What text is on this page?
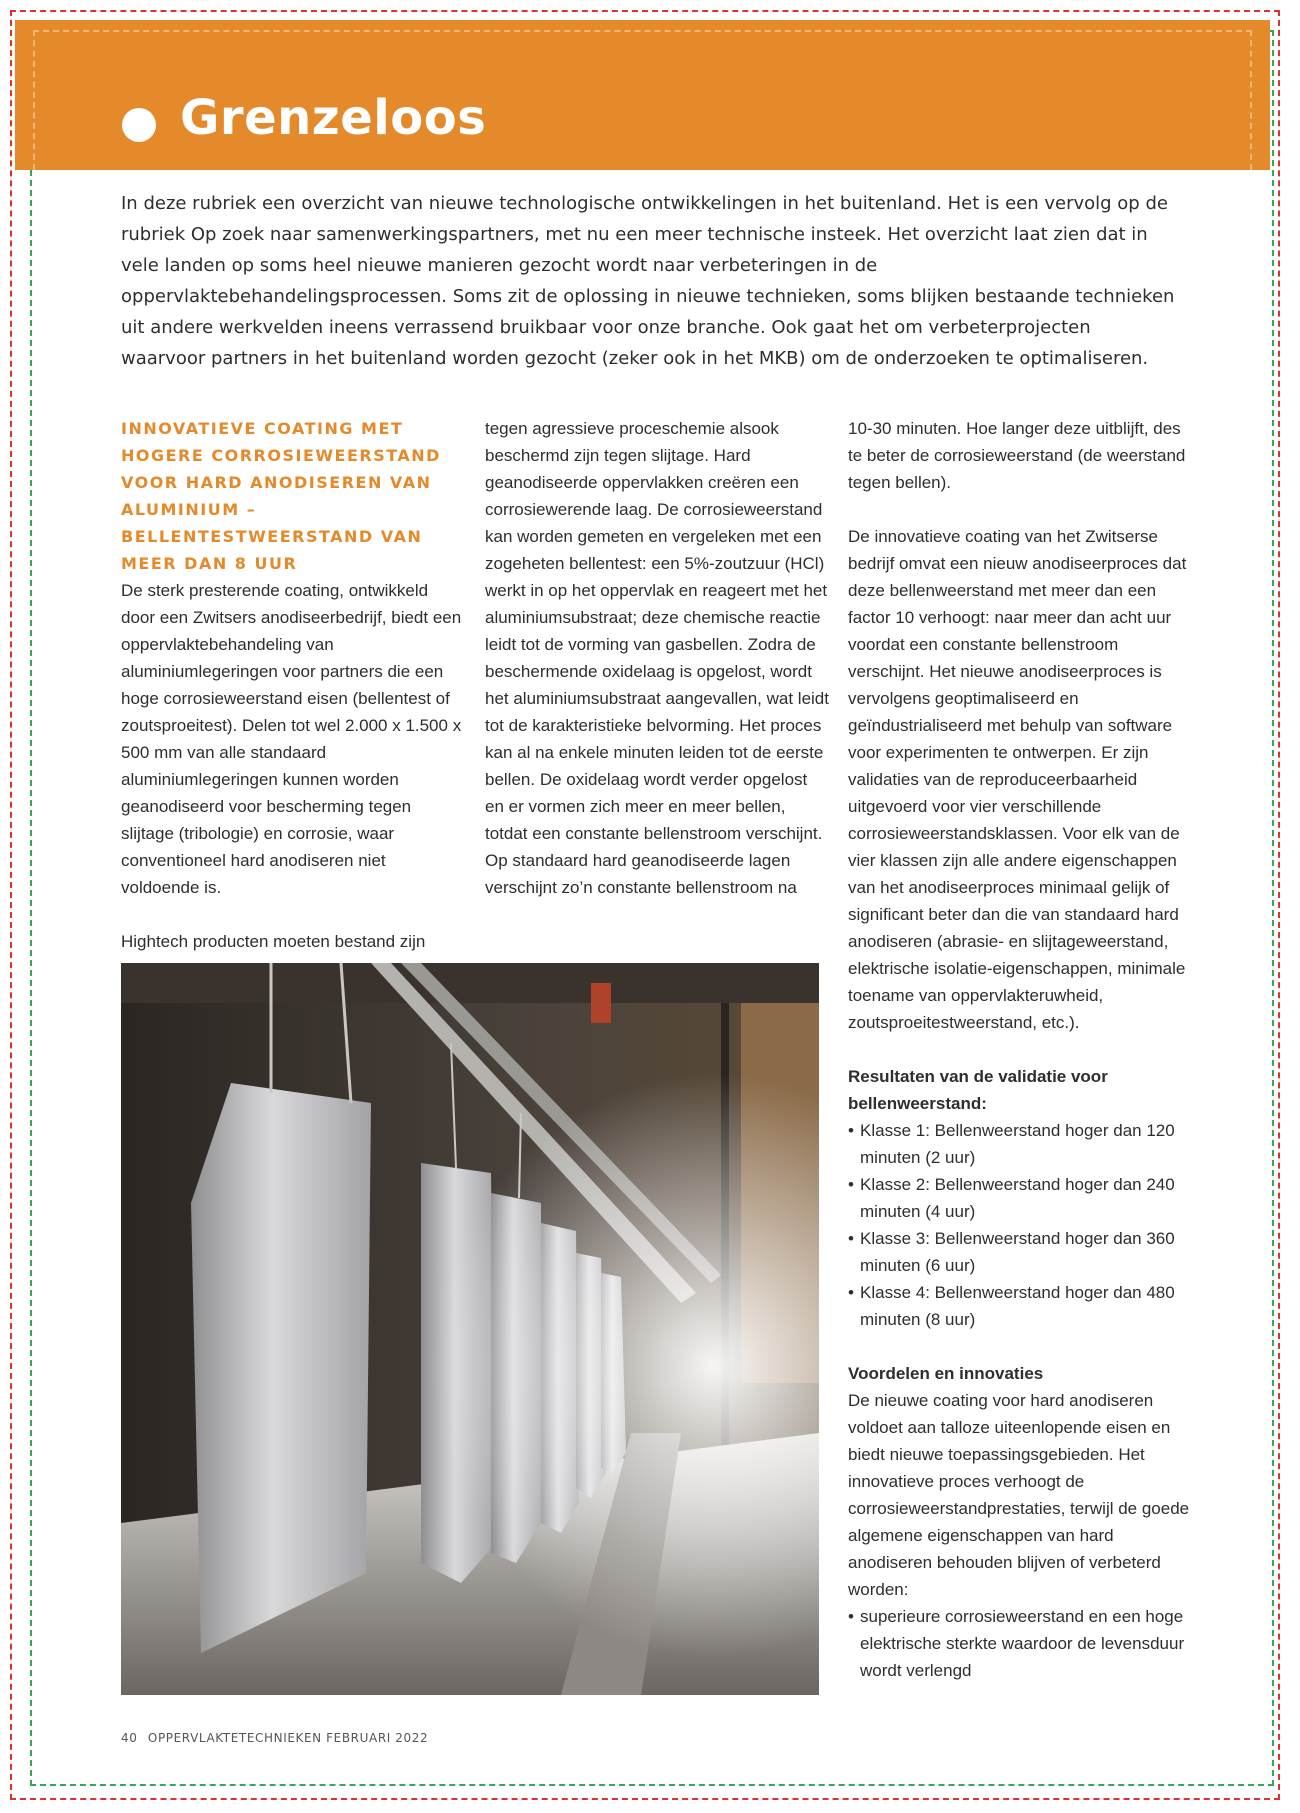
Grenzeloos
In deze rubriek een overzicht van nieuwe technologische ontwikkelingen in het buitenland. Het is een vervolg op de rubriek Op zoek naar samenwerkingspartners, met nu een meer technische insteek. Het overzicht laat zien dat in vele landen op soms heel nieuwe manieren gezocht wordt naar verbeteringen in de oppervlaktebehandelingsprocessen. Soms zit de oplossing in nieuwe technieken, soms blijken bestaande technieken uit andere werkvelden ineens verrassend bruikbaar voor onze branche. Ook gaat het om verbeterprojecten waarvoor partners in het buitenland worden gezocht (zeker ook in het MKB) om de onderzoeken te optimaliseren.
INNOVATIEVE COATING MET HOGERE CORROSIEWEERSTAND VOOR HARD ANODISEREN VAN ALUMINIUM – BELLENTESTWEERSTAND VAN MEER DAN 8 UUR

De sterk presterende coating, ontwikkeld door een Zwitsers anodiseerbedrijf, biedt een oppervlaktebehandeling van aluminiumlegeringen voor partners die een hoge corrosieweerstand eisen (bellentest of zoutsproeitest). Delen tot wel 2.000 x 1.500 x 500 mm van alle standaard aluminiumlegeringen kunnen worden geanodiseerd voor bescherming tegen slijtage (tribologie) en corrosie, waar conventioneel hard anodiseren niet voldoende is.

Hightech producten moeten bestand zijn

tegen agressieve proceschemie alsook beschermd zijn tegen slijtage. Hard geanodiseerde oppervlakken creëren een corrosiewerende laag. De corrosieweerstand kan worden gemeten en vergeleken met een zogeheten bellentest: een 5%-zoutzuur (HCl) werkt in op het oppervlak en reageert met het aluminiumsubstraat; deze chemische reactie leidt tot de vorming van gasbellen. Zodra de beschermende oxidelaag is opgelost, wordt het aluminiumsubstraat aangevallen, wat leidt tot de karakteristieke belvorming. Het proces kan al na enkele minuten leiden tot de eerste bellen. De oxidelaag wordt verder opgelost en er vormen zich meer en meer bellen, totdat een constante bellenstroom verschijnt. Op standaard hard geanodiseerde lagen verschijnt zo’n constante bellenstroom na

10-30 minuten. Hoe langer deze uitblijft, des te beter de corrosieweerstand (de weerstand tegen bellen).

De innovatieve coating van het Zwitserse bedrijf omvat een nieuw anodiseerproces dat deze bellenweerstand met meer dan een factor 10 verhoogt: naar meer dan acht uur voordat een constante bellenstroom verschijnt. Het nieuwe anodiseerproces is vervolgens geoptimaliseerd en geïndustrialiseerd met behulp van software voor experimenten te ontwerpen. Er zijn validaties van de reproduceerbaarheid uitgevoerd voor vier verschillende corrosieweerstandsklassen. Voor elk van de vier klassen zijn alle andere eigenschappen van het anodiseerproces minimaal gelijk of significant beter dan die van standaard hard anodiseren (abrasie- en slijtageweerstand, elektrische isolatie-eigenschappen, minimale toename van oppervlakteruwheid, zoutsproeitestweerstand, etc.).

Resultaten van de validatie voor bellenweerstand:
• Klasse 1: Bellenweerstand hoger dan 120 minuten (2 uur)
• Klasse 2: Bellenweerstand hoger dan 240 minuten (4 uur)
• Klasse 3: Bellenweerstand hoger dan 360 minuten (6 uur)
• Klasse 4: Bellenweerstand hoger dan 480 minuten (8 uur)
Voordelen en innovaties

De nieuwe coating voor hard anodiseren voldoet aan talloze uiteenlopende eisen en biedt nieuwe toepassingsgebieden. Het innovatieve proces verhoogt de corrosieweerstandprestaties, terwijl de goede algemene eigenschappen van hard anodiseren behouden blijven of verbeterd worden:

• superieure corrosieweerstand en een hoge elektrische sterkte waardoor de levensduur wordt verlengd
40 OPPERVLAKTETECHNIEKEN FEBRUARI 2022
